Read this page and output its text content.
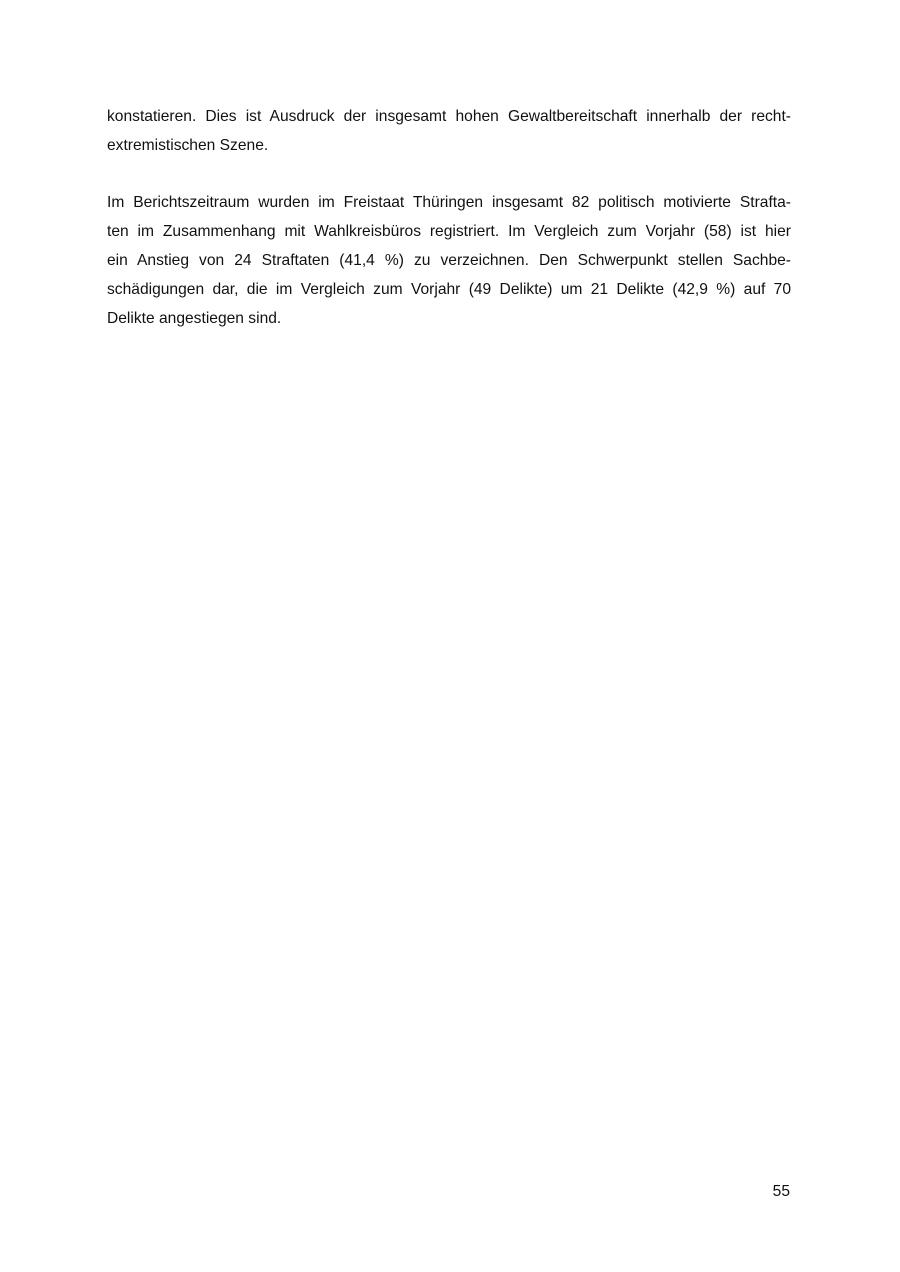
konstatieren. Dies ist Ausdruck der insgesamt hohen Gewaltbereitschaft innerhalb der recht-

extremistischen Szene.

Im Berichtszeitraum wurden im Freistaat Thüringen insgesamt 82 politisch motivierte Strafta-

ten im Zusammenhang mit Wahlkreisbüros registriert. Im Vergleich zum Vorjahr (58) ist hier

ein Anstieg von 24 Straftaten (41,4 %) zu verzeichnen. Den Schwerpunkt stellen Sachbe-

schädigungen dar, die im Vergleich zum Vorjahr (49 Delikte) um 21 Delikte (42,9 %) auf 70

Delikte angestiegen sind.

55
